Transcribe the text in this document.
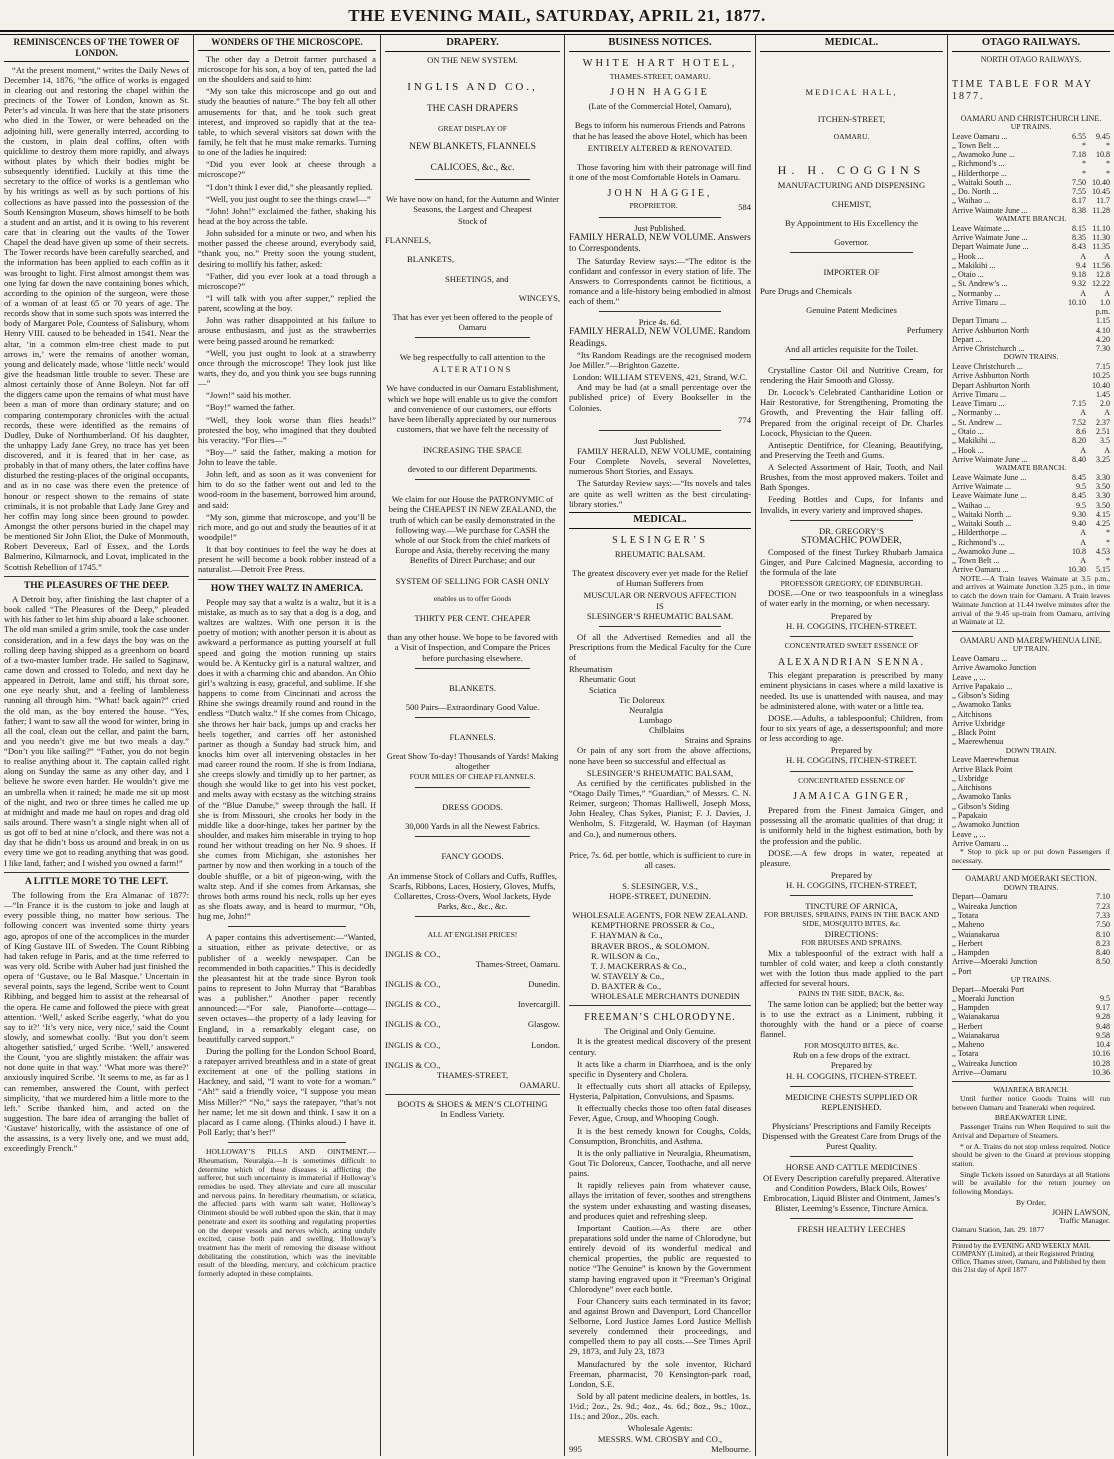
THE EVENING MAIL, SATURDAY, APRIL 21, 1877.
REMINISCENCES OF THE TOWER OF LONDON.

“At the present moment,” writes the Daily News of December 14, 1876, “the office of works is engaged in clearing out and restoring the chapel within the precincts of the Tower of London, known as St. Peter’s ad vincula. It was here that the state prisoners who died in the Tower, or were beheaded on the adjoining hill, were generally interred, according to the custom, in plain deal coffins, often with quicklime to destroy them more rapidly, and always without plates by which their bodies might be subsequently identified. Luckily at this time the secretary to the office of works is a gentleman who by his writings as well as by such portions of his collections as have passed into the possession of the South Kensington Museum, shows himself to be both a student and an artist, and it is owing to his reverent care that in clearing out the vaults of the Tower Chapel the dead have given up some of their secrets. The Tower records have been carefully searched, and the information has been applied to each coffin as it was brought to light. First almost amongst them was one lying far down the nave containing bones which, according to the opinion of the surgeon, were those of a woman of at least 65 or 70 years of age. The records show that in some such spots was interred the body of Margaret Pole, Countess of Salisbury, whom Henry VIII. caused to be beheaded in 1541. Near the altar, ‘in a common elm-tree chest made to put arrows in,’ were the remains of another woman, young and delicately made, whose ‘little neck’ would give the headsman little trouble to sever. These are almost certainly those of Anne Boleyn. Not far off the diggers came upon the remains of what must have been a man of more than ordinary stature; and on comparing contemporary chronicles with the actual records, these were identified as the remains of Dudley, Duke of Northumberland. Of his daughter, the unhappy Lady Jane Grey, no trace has yet been discovered, and it is feared that in her case, as probably in that of many others, the later coffins have disturbed the resting-places of the original occupants, and as in no case was there even the pretence of honour or respect shown to the remains of state criminals, it is not probable that Lady Jane Grey and her coffin may long since been ground to powder. Amongst the other persons buried in the chapel may be mentioned Sir John Eliot, the Duke of Monmouth, Robert Devereux, Earl of Essex, and the Lords Balmerino, Kilmarnock, and Lovat, implicated in the Scottish Rebellion of 1745.”

THE PLEASURES OF THE DEEP.

A Detroit boy, after finishing the last chapter of a book called “The Pleasures of the Deep,” pleaded with his father to let him ship aboard a lake schooner. The old man smiled a grim smile, took the case under consideration, and in a few days the boy was on the rolling deep having shipped as a greenhorn on board of a two-master lumber trade. He sailed to Saginaw, came down and crossed to Toledo, and next day he appeared in Detroit, lame and stiff, his throat sore, one eye nearly shut, and a feeling of lambleness running all through him. “What! back again?” cried the old man, as the boy entered the house. “Yes, father; I want to saw all the wood for winter, bring in all the coal, clean out the cellar, and paint the barn, and you needn’t give me but two meals a day.” “Don’t you like sailing?” “Father, you do not begin to realise anything about it. The captain called right along on Sunday the same as any other day, and I believe he swore even harder. He wouldn’t give me an umbrella when it rained; he made me sit up most of the night, and two or three times he called me up at midnight and made me haul on ropes and drag old sails around. There wasn’t a single night when all of us got off to bed at nine o’clock, and there was not a day that he didn’t boss us around and break in on us every time we got to reading anything that was good. I like land, father; and I wished you owned a farm!”

A LITTLE MORE TO THE LEFT.

The following from the Era Almanac of 1877:—“In France it is the custom to joke and laugh at every possible thing, no matter how serious. The following concert was invented some thirty years ago, apropos of one of the accomplices in the murder of King Gustave III. of Sweden. The Count Ribbing had taken refuge in Paris, and at the time referred to was very old. Scribe with Auber had just finished the opera of ‘Gustave, ou le Bal Masque.’ Uncertain in several points, says the legend, Scribe went to Count Ribbing, and begged him to assist at the rehearsal of the opera. He came and followed the piece with great attention. ‘Well,’ asked Scribe eagerly, ‘what do you say to it?’ ‘It’s very nice, very nice,’ said the Count slowly, and somewhat coolly. ‘But you don’t seem altogether satisfied,’ urged Scribe. ‘Well,’ answered the Count, ‘you are slightly mistaken: the affair was not done quite in that way.’ ‘What more was there?’ anxiously inquired Scribe. ‘It seems to me, as far as I can remember, answered the Count, with perfect simplicity, ‘that we murdered him a little more to the left.’ Scribe thanked him, and acted on the suggestion. The bare idea of arranging the ballet of ‘Gustave’ historically, with the assistance of one of the assassins, is a very lively one, and we must add, exceedingly French.”

WONDERS OF THE MICROSCOPE.

The other day a Detroit farmer purchased a microscope for his son, a boy of ten, patted the lad on the shoulders and said to him:

“My son take this microscope and go out and study the beauties of nature.” The boy felt all other amusements for that, and he took such great interest, and improved so rapidly that at the tea-table, to which several visitors sat down with the family, he felt that he must make remarks. Turning to one of the ladies he inquired:

“Did you ever look at cheese through a microscope?”

“I don’t think I ever did,” she pleasantly replied.

“Well, you just ought to see the things crawl—”

“John! John!” exclaimed the father, shaking his head at the boy across the table.

John subsided for a minute or two, and when his mother passed the cheese around, everybody said, “thank you, no.” Pretty soon the young student, desiring to mollify his father, asked:

“Father, did you ever look at a toad through a microscope?”

“I will talk with you after supper,” replied the parent, scowling at the boy.

John was rather disappointed at his failure to arouse enthusiasm, and just as the strawberries were being passed around he remarked:

“Well, you just ought to look at a strawberry once through the microscope! They look just like warts, they do, and you think you see bugs running—”

“Jown!” said his mother.

“Boy!” warned the father.

“Well, they look worse than flies heads!” protested the boy, who imagined that they doubted his veracity. “For flies—”

“Boy—” said the father, making a motion for John to leave the table.

John left, and as soon as it was convenient for him to do so the father went out and led to the wood-room in the basement, borrowed him around, and said:

“My son, gimme that microscope, and you’ll be rich more, and go out and study the beauties of it at woodpile!”

It that boy continues to feel the way he does at present he will become a book robber instead of a naturalist.—Detroit Free Press.

HOW THEY WALTZ IN AMERICA.

People may say that a waltz is a waltz, but it is a mistake, as much as to say that a dog is a dog, and waltzes are waltzes. With one person it is the poetry of motion; with another person it is about as awkward a performance as putting yourself at full speed and going the motion running up stairs would be. A Kentucky girl is a natural waltzer, and does it with a charming chic and abandon. An Ohio girl’s waltzing is easy, graceful, and sublime. If she happens to come from Cincinnati and across the Rhine she swings dreamily round and round in the endless “Dutch waltz.” If she comes from Chicago, she throws her hair back, jumps up and cracks her heels together, and carries off her astonished partner as though a Sunday had struck him, and knocks him over all intervening obstacles in her mad career round the room. If she is from Indiana, she creeps slowly and timidly up to her partner, as though she would like to get into his vest pocket, and melts away with ecstasy as the witching strains of the “Blue Danube,” sweep through the hall. If she is from Missouri, she crooks her body in the middle like a door-hinge, takes her partner by the shoulder, and makes him miserable in trying to hop round her without treading on her No. 9 shoes. If she comes from Michigan, she astonishes her partner by now and then working in a touch of the double shuffle, or a bit of pigeon-wing, with the waltz step. And if she comes from Arkansas, she throws both arms round his neck, rolls up her eyes as she floats away, and is heard to murmur, “Oh, hug me, John!”

A paper contains this advertisement:—“Wanted, a situation, either as private detective, or as publisher of a weekly newspaper. Can be recommended in both capacities.” This is decidedly the pleasantest hit at the trade since Byron took pains to represent to John Murray that “Barabbas was a publisher.” Another paper recently announced:—“For sale, Pianoforte—cottage—seven octaves—the property of a lady leaving for England, in a remarkably elegant case, on beautifully carved support.”

During the polling for the London School Board, a ratepayer arrived breathless and in a state of great excitement at one of the polling stations in Hackney, and said, “I want to vote for a woman.” “Ah!” said a friendly voice, “I suppose you mean Miss Miller?” “No,” says the ratepayer, “that’s not her name; let me sit down and think. I saw it on a placard as I came along. (Thinks aloud.) I have it. Poll Early; that’s her!”

HOLLOWAY’S PILLS AND OINTMENT.—Rheumatism, Neuralgia.—It is sometimes difficult to determine which of these diseases is afflicting the sufferer, but such uncertainty is immaterial if Holloway’s remedies be used. They alleviate and cure all muscular and nervous pains. In hereditary rheumatism, or sciatica, the affected parts with warm salt water, Holloway’s Ointment should be well rubbed upon the skin, that it may penetrate and exert its soothing and regulating properties on the deeper vessels and nerves which, acting unduly excited, cause both pain and swelling. Holloway’s treatment has the merit of removing the disease without debilitating the constitution, which was the inevitable result of the bleeding, mercury, and colchicum practice formerly adopted in these complaints.

DRAPERY.
ON THE NEW SYSTEM.
INGLIS AND CO.,
THE CASH DRAPERS
GREAT DISPLAY OF
NEW BLANKETS, FLANNELS
CALICOES, &c., &c.

We have now on hand, for the Autumn and Winter Seasons, the Largest and Cheapest

Stock of
FLANNELS,
BLANKETS,
SHEETINGS, and
WINCEYS,

That has ever yet been offered to the people of Oamaru

We beg respectfully to call attention to the

ALTERATIONS

We have conducted in our Oamaru Establishment, which we hope will enable us to give the comfort and convenience of our customers, our efforts have been liberally appreciated by our numerous customers, that we have felt the necessity of

INCREASING THE SPACE
devoted to our different Departments.

We claim for our House the PATRONYMIC of being the CHEAPEST IN NEW ZEALAND, the truth of which can be easily demonstrated in the following way.—We purchase for CASH the whole of our Stock from the chief markets of Europe and Asia, thereby receiving the many Benefits of Direct Purchase; and our

SYSTEM OF SELLING FOR CASH ONLY
enables us to offer Goods
THIRTY PER CENT. CHEAPER

than any other house. We hope to be favored with a Visit of Inspection, and Compare the Prices before purchasing elsewhere.

BLANKETS.
500 Pairs—Extraordinary Good Value.
FLANNELS.

Great Show To-day! Thousands of Yards! Making altogether

FOUR MILES OF CHEAP FLANNELS.
DRESS GOODS.
30,000 Yards in all the Newest Fabrics.
FANCY GOODS.

An immense Stock of Collars and Cuffs, Ruffles, Scarfs, Ribbons, Laces, Hosiery, Gloves, Muffs, Collarettes, Cross-Overs, Wool Jackets, Hyde Parks, &c., &c., &c.

ALL AT ENGLISH PRICES!
INGLIS & CO.,
Thames-Street, Oamaru.
INGLIS & CO.,	Dunedin.
INGLIS & CO.,	Invercargill.
INGLIS & CO.,	Glasgow.
INGLIS & CO.,	London.
INGLIS & CO.,
THAMES-STREET,
OAMARU.
BOOTS & SHOES & MEN’S CLOTHING
In Endless Variety.
BUSINESS NOTICES.
WHITE HART HOTEL,
THAMES-STREET, OAMARU.
JOHN HAGGIE
(Late of the Commercial Hotel, Oamaru),

Begs to inform his numerous Friends and Patrons that he has leased the above Hotel, which has been

ENTIRELY ALTERED & RENOVATED.

Those favoring him with their patronage will find it one of the most Comfortable Hotels in Oamaru.

JOHN HAGGIE,
PROPRIETOR.	584
Just Published.
FAMILY HERALD, NEW VOLUME. Answers to Correspondents.

The Saturday Review says:—“The editor is the confidant and confessor in every station of life. The Answers to Correspondents cannot be fictitious, a romance and a life-history being embodied in almost each of them.”

Price 4s. 6d.
FAMILY HERALD, NEW VOLUME. Random Readings.

“Its Random Readings are the recognised modern Joe Miller.”—Brighton Gazette.

London: WILLIAM STEVENS, 421, Strand, W.C.

And may be had (at a small percentage over the published price) of Every Bookseller in the Colonies.

774
Just Published.

FAMILY HERALD, NEW VOLUME, containing Four Complete Novels, several Novelettes, numerous Short Stories, and Essays.

The Saturday Review says:—“Its novels and tales are quite as well written as the best circulating-library stories.”

MEDICAL.
SLESINGER’S
RHEUMATIC BALSAM.

The greatest discovery ever yet made for the Relief of Human Sufferers from

MUSCULAR OR NERVOUS AFFECTION
IS
SLESINGER’S RHEUMATIC BALSAM.

Of all the Advertised Remedies and all the Prescriptions from the Medical Faculty for the Cure of

Rheumatism
Rheumatic Gout
Sciatica
Tic Doloreux
Neuralgia
Lumbago
Chilblains
Strains and Sprains

Or pain of any sort from the above affections, none have been so successful and effectual as

SLESINGER’S RHEUMATIC BALSAM,

As certified by the certificates published in the “Otago Daily Times,” “Guardian,” of Messrs. C. N. Reimer, surgeon; Thomas Halliwell, Joseph Moss, John Healey, Chas Sykes, Pianist; F. J. Davies, J. Wenholm, S. Fitzgerald, W. Hayman (of Hayman and Co.), and numerous others.

Price, 7s. 6d. per bottle, which is sufficient to cure in all cases.

S. SLESINGER, V.S.,
HOPE-STREET, DUNEDIN.
WHOLESALE AGENTS, FOR NEW ZEALAND.
KEMPTHORNE PROSSER & Co.,
F. HAYMAN & Co.,
BRAVER BROS., & SOLOMON.
R. WILSON & Co.,
T. J. MACKERRAS & Co.,
W. STAVELY & Co.,
D. BAXTER & Co.,
WHOLESALE MERCHANTS DUNEDIN
FREEMAN’S CHLORODYNE.
The Original and Only Genuine.

It is the greatest medical discovery of the present century.

It acts like a charm in Diarrhoea, and is the only specific in Dysentery and Cholera.

It effectually cuts short all attacks of Epilepsy, Hysteria, Palpitation, Convulsions, and Spasms.

It effectually checks those too often fatal diseases Fever, Ague, Croup, and Whooping Cough.

It is the best remedy known for Coughs, Colds, Consumption, Bronchitis, and Asthma.

It is the only palliative in Neuralgia, Rheumatism, Gout Tic Doloreux, Cancer, Toothache, and all nerve pains.

It rapidly relieves pain from whatever cause, allays the irritation of fever, soothes and strengthens the system under exhausting and wasting diseases, and produces quiet and refreshing sleep.

Important Caution.—As there are other preparations sold under the name of Chlorodyne, but entirely devoid of its wonderful medical and chemical properties, the public are requested to notice “The Genuine” is known by the Government stamp having engraved upon it “Freeman’s Original Chlorodyne” over each bottle.

Four Chancery suits each terminated in its favor; and against Brown and Davenport, Lord Chancellor Selborne, Lord Justice James Lord Justice Mellish severely condemned their proceedings, and compelled them to pay all costs.—See Times April 29, 1873, and July 23, 1873

Manufactured by the sole inventor, Richard Freeman, pharmacist, 70 Kensington-park road, London, S.E.

Sold by all patent medicine dealers, in bottles, 1s. 1½d.; 2oz., 2s. 9d.; 4oz., 4s. 6d.; 8oz., 9s.; 10oz., 11s.; and 20oz., 20s. each.

Wholesale Agents:
MESSRS. WM. CROSBY and CO.,
995	Melbourne.
MEDICAL.
MEDICAL HALL,
ITCHEN-STREET,
OAMARU.
H. H. COGGINS
MANUFACTURING AND DISPENSING
CHEMIST,
By Appointment to His Excellency the
Governor.
IMPORTER OF
Pure Drugs and Chemicals
Genuine Patent Medicines
Perfumery
And all articles requisite for the Toilet.

Crystalline Castor Oil and Nutritive Cream, for rendering the Hair Smooth and Glossy.

Dr. Locock’s Celebrated Cantharidine Lotion or Hair Restorative, for Strengthening, Promoting the Growth, and Preventing the Hair falling off. Prepared from the original receipt of Dr. Charles Locock, Physician to the Queen.

Antiseptic Dentifrice, for Cleaning, Beautifying, and Preserving the Teeth and Gums.

A Selected Assortment of Hair, Tooth, and Nail Brushes, from the most approved makers. Toilet and Bath Sponges.

Feeding Bottles and Cups, for Infants and Invalids, in every variety and improved shapes.

DR. GREGORY’S
STOMACHIC POWDER,

Composed of the finest Turkey Rhubarb Jamaica Ginger, and Pure Calcined Magnesia, according to the formula of the late

PROFESSOR GREGORY, OF EDINBURGH.

DOSE.—One or two teaspoonfuls in a wineglass of water early in the morning, or when necessary.

Prepared by
H. H. COGGINS, ITCHEN-STREET.
CONCENTRATED SWEET ESSENCE OF
ALEXANDRIAN SENNA.

This elegant preparation is prescribed by many eminent physicians in cases where a mild laxative is needed. Its use is unattended with nausea, and may be administered alone, with water or a little tea.

DOSE.—Adults, a tablespoonful; Children, from four to six years of age, a dessertspoonful; and more or less according to age.

Prepared by
H. H. COGGINS, ITCHEN-STREET.
CONCENTRATED ESSENCE OF
JAMAICA GINGER,

Prepared from the Finest Jamaica Ginger, and possessing all the aromatic qualities of that drug; it is uniformly held in the highest estimation, both by the profession and the public.

DOSE.—A few drops in water, repeated at pleasure.

Prepared by
H. H. COGGINS, ITCHEN-STREET,
TINCTURE OF ARNICA,
FOR BRUISES, SPRAINS, PAINS IN THE BACK AND SIDE, MOSQUITO BITES, &c.
DIRECTIONS:
FOR BRUISES AND SPRAINS.

Mix a tablespoonful of the extract with half a tumbler of cold water, and keep a cloth constantly wet with the lotion thus made applied to the part affected for several hours.

PAINS IN THE SIDE, BACK, &c.

The same lotion can be applied; but the better way is to use the extract as a Liniment, rubbing it thoroughly with the hand or a piece of coarse flannel.

FOR MOSQUITO BITES, &c.
Rub on a few drops of the extract.
Prepared by
H. H. COGGINS, ITCHEN-STREET.
MEDICINE CHESTS SUPPLIED OR REPLENISHED.

Physicians’ Prescriptions and Family Receipts Dispensed with the Greatest Care from Drugs of the Purest Quality.

HORSE AND CATTLE MEDICINES

Of Every Description carefully prepared. Alterative and Condition Powders, Black Oils, Rowes’ Embrocation, Liquid Blister and Ointment, James’s Blister, Leeming’s Essence, Tincture Arnica.

FRESH HEALTHY LEECHES
OTAGO RAILWAYS.
NORTH OTAGO RAILWAYS.
TIME TABLE FOR MAY 1877.
OAMARU AND CHRISTCHURCH LINE.
UP TRAINS.
Leave Oamaru ...	6.55	9.45
,, Town Belt ...	*	*
,, Awamoko June ...	7.18	10.8
,, Richmond’s ...	*	*
,, Hilderthorpe ...	*	*
,, Waitaki South ...	7.50 10.40
,, Do. North ...	7.55 10.45
,, Waihao ...	8.17	11.7
Arrive Waimate June ...	8.38 11.28
WAIMATE BRANCH.
Leave Waimate ...	8.15 11.10
Arrive Waimate June ...	8.35 11.30
Depart Waimate June ...	8.43 11.35
,, Hook ...	A	A
,, Makikihi ...	9.4 11.56
,, Otaio ...	9.18	12.8
,, St. Andrew’s ...	9.32 12.22
,, Normanby ...	A	A
Arrive Timaru ...	10.10	1.0
p.m.
Depart Timaru ...	1.15
Arrive Ashburton North	4.10
Depart ...	4.20
Arrive Christchurch ...	7.30
DOWN TRAINS.
Leave Christchurch ...	7.15
Arrive Ashburton North	10.25
Depart Ashburton North	10.40
Arrive Timaru ...	1.45
Leave Timaru ...	7.15	2.0
,, Normanby ...	A	A
,, St. Andrew ...	7.52	2.37
,, Otaio ...	8.6	2.51
,, Makikihi ...	8.20	3.5
,, Hook ...	A	A
Arrive Waimate June ...	8.40	3.25
WAIMATE BRANCH.
Leave Waimate June ...	8.45	3.30
Arrive Waimate ...	9.5	3.50
Leave Waimate June ...	8.45	3.30
,, Waihao ...	9.5	3.50
,, Waitaki North ...	9.30	4.15
,, Waitaki South ...	9.40	4.25
,, Hilderthorpe ...	A	*
,, Richmond’s ...	A	*
,, Awamoko June ...	10.8	4.53
,, Town Belt ...	A	*
Arrive Oamaru ...	10.30	5.15

NOTE.—A Train leaves Waimate at 3.5 p.m., and arrives at Waimate Junction 3.25 p.m., in time to catch the down train for Oamaru. A Train leaves Waimate Junction at 11.44 twelve minutes after the arrival of the 9.45 up-train from Oamaru, arriving at Waimate at 12.

OAMARU AND MAEREWHENUA LINE.
UP TRAIN.
Leave Oamaru ...
Arrive Awamoko Junction
Leave ,, ...
Arrive Papakaio ...
,, Gibson’s Siding
,, Awamoko Tanks
,, Aitchisons
Arrive Uxbridge
,, Black Point
,, Maerewhenua
DOWN TRAIN.
Leave Maerewhenua
Arrive Black Point
,, Uxbridge
,, Aitchisons
,, Awamoko Tanks
,, Gibson’s Siding
,, Papakaio
,, Awamoko Junction
Leave ,, ...
Arrive Oamaru ...

* Stop to pick up or put down Passengers if necessary.

OAMARU AND MOERAKI SECTION.
DOWN TRAINS.
Depart—Oamaru	7.10
,, Waireaka Junction	7.23
,, Totara	7.33
,, Maheno	7.50
,, Waianakarua	8.10
,, Herbert	8.23
,, Hampden	8.40
Arrive—Moeraki Junction	8.50
,, Port
UP TRAINS.
Depart—Moeraki Port
,, Moeraki Junction	9.5
,, Hampden	9.17
,, Waianakarua	9.28
,, Herbert	9.48
,, Waianakarua	9.58
,, Maheno	10.4
,, Totara	10.16
,, Waireaka Junction	10.28
Arrive—Oamaru	10.36
WAIAREKA BRANCH.

Until further notice Goods Trains will run between Oamaru and Teaneraki when required.

BREAKWATER LINE.

Passenger Trains run When Required to suit the Arrival and Departure of Steamers.

* or A. Trains do not stop unless required. Notice should be given to the Guard at previous stopping station.

Single Tickets issued on Saturdays at all Stations will be available for the return journey on following Mondays.

By Order,
JOHN LAWSON,
Traffic Manager.
Oamaru Station, Jan. 29. 1877
Printed by the EVENING AND WEEKLY MAIL COMPANY (Limited), at their Registered Printing Office, Thames street, Oamaru, and Published by them this 21st day of April 1877
